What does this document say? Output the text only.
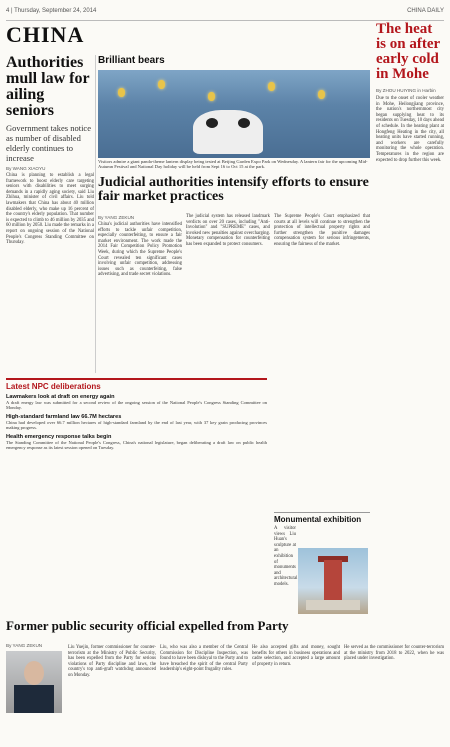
4 | Thursday, September 24, 2014	CHINA DAILY
CHINA
Authorities mull law for ailing seniors
Government takes notice as number of disabled elderly continues to increase
By WANG XIAOYU
China is planning to establish a legal framework to boost elderly care targeting seniors with disabilities to meet surging demands in a rapidly aging society, said Liu Zhihua, minister of civil affairs. Liu told lawmakers that China has about 40 million disabled elderly, who make up 16 percent of the country's elderly population. That number is expected to climb to 46 million by 2035 and 60 million by 2050. Liu made the remarks in a report on ongoing session of the National People's Congress Standing Committee on Thursday.
Latest NPC deliberations
Lawmakers look at draft on energy again
A draft energy law was submitted for a second review of the ongoing session of the National People's Congress Standing Committee on Monday.
High-standard farmland law 66.7M hectares
China had developed over 66.7 million hectares of high-standard farmland by the end of last year, with 37 key grain producing provinces making progress.
Health emergency response talks begin
The Standing Committee of the National People's Congress, China's national legislature, began deliberating a draft law on public health emergency response as its latest session opened on Tuesday.
Brilliant bears
Visitors admire a giant panda-theme lantern display being tested at Beijing Garden Expo Park on Wednesday. A lantern fair for the upcoming Mid-Autumn Festival and National Day holiday will be held from Sept 16 to Oct 15 at the park.
Judicial authorities intensify efforts to ensure fair market practices
By YANG ZEKUN
China's judicial authorities have intensified efforts to tackle unfair competition, especially counterfeiting, to ensure a fair market environment. The work made the 2014 Fair Competition Policy Promotion Week, during which the Supreme People's Court revealed ten significant cases involving unfair competition, addressing issues such as counterfeiting, false advertising, and trade secret violations.
The judicial system has released landmark verdicts on over 20 cases, including "Anti-Involution" and "SUPREME" cases, and invoked new penalties against overcharging. Monetary compensation for counterfeiting has been expanded to protect consumers.
The Supreme People's Court emphasized that courts at all levels will continue to strengthen the protection of intellectual property rights and further strengthen the punitive damages compensation system for serious infringements, ensuring the fairness of the market.
Monumental exhibition
A visitor views Liu Huan's sculpture at an exhibition of monuments and architectural models.
The heat is on after early cold in Mohe
By ZHOU HUIYING in Harbin
Due to the onset of cooler weather in Mohe, Heilongjiang province, the nation's northernmost city began supplying heat to its residents on Tuesday, 10 days ahead of schedule. In the heating plant at Hongfeng Heating in the city, all heating units have started running, and workers are carefully monitoring the whole operation. Temperatures in the region are expected to drop further this week.
Former public security official expelled from Party
By YANG ZEKUN	Liu Yuejin, former commissioner for counter-terrorism at the Ministry of Public Security, has been expelled from the Party for serious violations of Party discipline and laws, the country's top anti-graft watchdog announced on Monday.
Liu, who was also a member of the Central Commission for Discipline Inspection, was found to have been disloyal to the Party and to have breached the spirit of the central Party leadership's eight-point frugality rules.
He also accepted gifts and money, sought benefits for others in business operations and cadre selection, and accepted a large amount of property in return.
He served as the commissioner for counter-terrorism at the ministry from 2018 to 2022, when he was placed under investigation.
